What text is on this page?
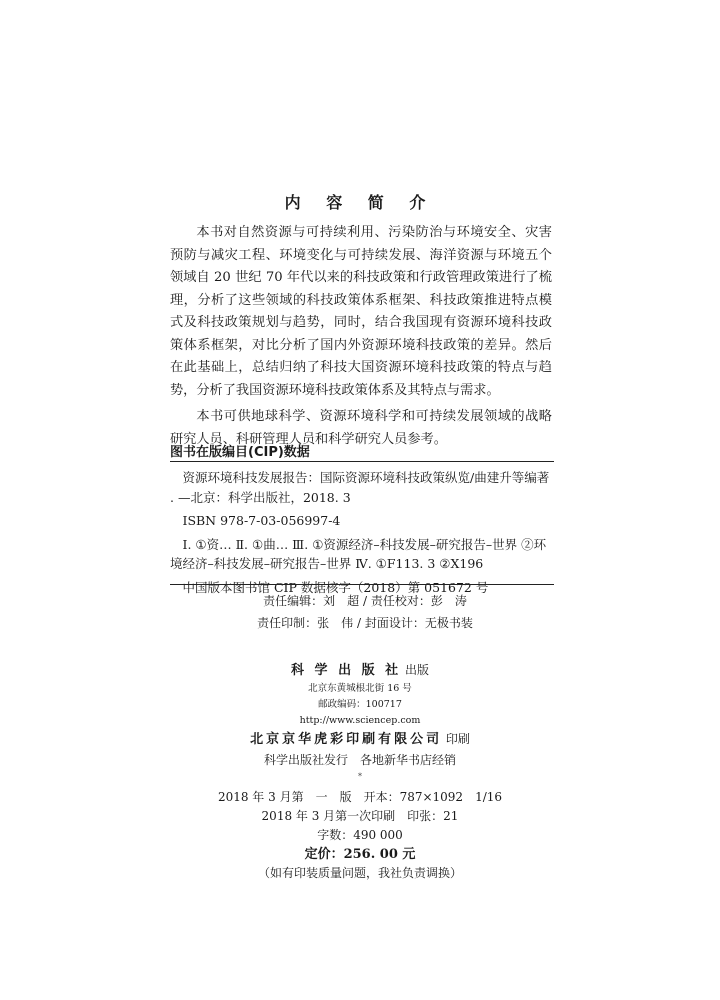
内 容 简 介

本书对自然资源与可持续利用、污染防治与环境安全、灾害预防与减灾工程、环境变化与可持续发展、海洋资源与环境五个领域自 20 世纪 70 年代以来的科技政策和行政管理政策进行了梳理，分析了这些领域的科技政策体系框架、科技政策推进特点模式及科技政策规划与趋势，同时，结合我国现有资源环境科技政策体系框架，对比分析了国内外资源环境科技政策的差异。然后在此基础上，总结归纳了科技大国资源环境科技政策的特点与趋势，分析了我国资源环境科技政策体系及其特点与需求。

本书可供地球科学、资源环境科学和可持续发展领域的战略研究人员、科研管理人员和科学研究人员参考。

图书在版编目(CIP)数据

资源环境科技发展报告：国际资源环境科技政策纵览/曲建升等编著 . —北京：科学出版社，2018. 3

ISBN 978-7-03-056997-4

Ⅰ. ①资… Ⅱ. ①曲… Ⅲ. ①资源经济–科技发展–研究报告–世界 ②环境经济–科技发展–研究报告–世界 Ⅳ. ①F113. 3 ②X196

中国版本图书馆 CIP 数据核字（2018）第 051672 号

责任编辑：刘　超 / 责任校对：彭　涛
责任印制：张　伟 / 封面设计：无极书装
科 学 出 版 社 出版
北京东黄城根北街 16 号
邮政编码：100717
http://www.sciencep.com
北京京华虎彩印刷有限公司 印刷
科学出版社发行　各地新华书店经销
*
2018 年 3 月第　一　版　开本：787×1092　1/16
2018 年 3 月第一次印刷　印张：21
字数：490 000
定价：256. 00 元
（如有印装质量问题，我社负责调换）
